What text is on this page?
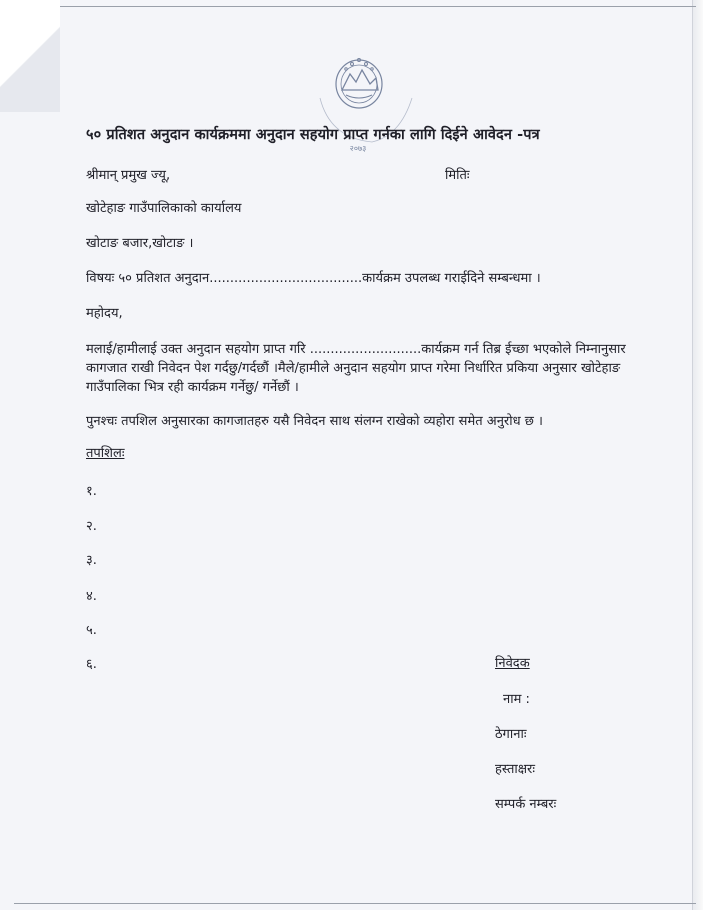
२०७३
५० प्रतिशत अनुदान कार्यक्रममा अनुदान सहयोग प्राप्त गर्नका लागि दिईने आवेदन -पत्र
श्रीमान् प्रमुख ज्यू,	मितिः
खोटेहाङ गाउँपालिकाको कार्यालय
खोटाङ बजार,खोटाङ ।
विषयः ५० प्रतिशत अनुदान.....................................कार्यक्रम उपलब्ध गराईदिने सम्बन्धमा ।
महोदय,
मलाई/हामीलाई उक्त अनुदान सहयोग प्राप्त गरि ...........................कार्यक्रम गर्न तिब्र ईच्छा भएकोले निम्नानुसार कागजात राखी निवेदन पेश गर्दछु/गर्दछौं ।मैले/हामीले अनुदान सहयोग प्राप्त गरेमा निर्धारित प्रकिया अनुसार खोटेहाङ गाउँपालिका भित्र रही कार्यक्रम गर्नेछु/ गर्नेछौं ।
पुनश्चः तपशिल अनुसारका कागजातहरु यसै निवेदन साथ संलग्न राखेको व्यहोरा समेत अनुरोध छ ।
तपशिलः
१.
२.
३.
४.
५.
६.	निवेदक
नाम :
ठेगानाः
हस्ताक्षरः
सम्पर्क नम्बरः
